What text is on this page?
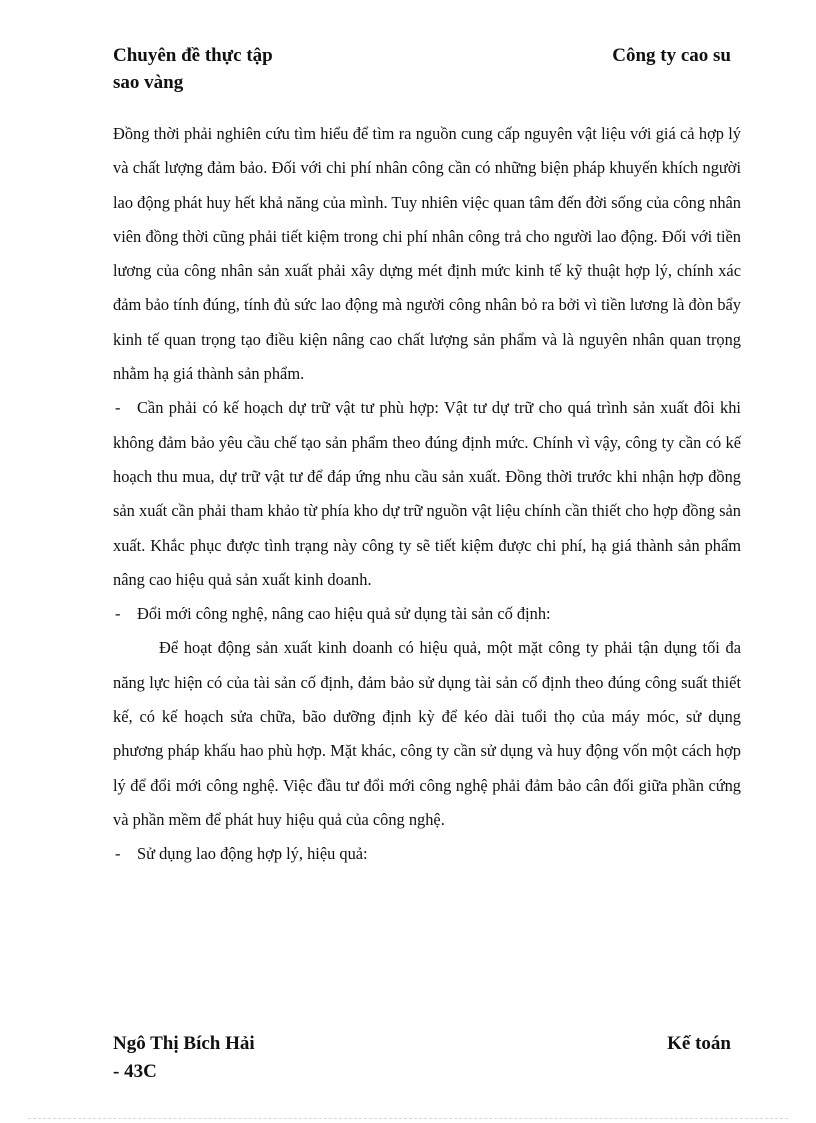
Chuyên đề thực tập	Công ty cao su
sao vàng

Đồng thời phải nghiên cứu tìm hiểu để tìm ra nguồn cung cấp nguyên vật liệu với giá cả hợp lý và chất lượng đảm bảo. Đối với chi phí nhân công cần có những biện pháp khuyến khích người lao động phát huy hết khả năng của mình. Tuy nhiên việc quan tâm đến đời sống của công nhân viên đồng thời cũng phải tiết kiệm trong chi phí nhân công trả cho người lao động. Đối với tiền lương của công nhân sản xuất phải xây dựng mét định mức kinh tế kỹ thuật hợp lý, chính xác đảm bảo tính đúng, tính đủ sức lao động mà người công nhân bỏ ra bởi vì tiền lương là đòn bẩy kinh tế quan trọng tạo điều kiện nâng cao chất lượng sản phẩm và là nguyên nhân quan trọng nhằm hạ giá thành sản phẩm.

- Cần phải có kế hoạch dự trữ vật tư phù hợp: Vật tư dự trữ cho quá trình sản xuất đôi khi không đảm bảo yêu cầu chế tạo sản phẩm theo đúng định mức. Chính vì vậy, công ty cần có kế hoạch thu mua, dự trữ vật tư để đáp ứng nhu cầu sản xuất. Đồng thời trước khi nhận hợp đồng sản xuất cần phải tham khảo từ phía kho dự trữ nguồn vật liệu chính cần thiết cho hợp đồng sản xuất. Khắc phục được tình trạng này công ty sẽ tiết kiệm được chi phí, hạ giá thành sản phẩm nâng cao hiệu quả sản xuất kinh doanh.

- Đổi mới công nghệ, nâng cao hiệu quả sử dụng tài sản cố định:

Để hoạt động sản xuất kinh doanh có hiệu quả, một mặt công ty phải tận dụng tối đa năng lực hiện có của tài sản cố định, đảm bảo sử dụng tài sản cố định theo đúng công suất thiết kế, có kế hoạch sửa chữa, bão dưỡng định kỳ để kéo dài tuổi thọ của máy móc, sử dụng phương pháp khấu hao phù hợp. Mặt khác, công ty cần sử dụng và huy động vốn một cách hợp lý để đổi mới công nghệ. Việc đầu tư đổi mới công nghệ phải đảm bảo cân đối giữa phần cứng và phần mềm để phát huy hiệu quả của công nghệ.

- Sử dụng lao động hợp lý, hiệu quả:

Ngô Thị Bích Hải	Kế toán
- 43C
